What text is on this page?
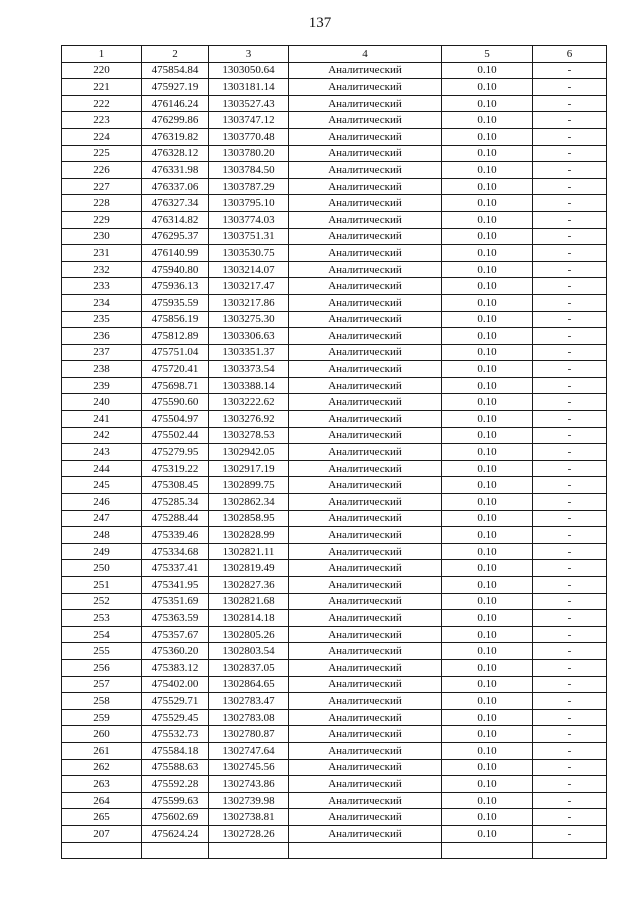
137
1	2	3	4	5	6
220	475854.84	1303050.64	Аналитический	0.10	-
221	475927.19	1303181.14	Аналитический	0.10	-
222	476146.24	1303527.43	Аналитический	0.10	-
223	476299.86	1303747.12	Аналитический	0.10	-
224	476319.82	1303770.48	Аналитический	0.10	-
225	476328.12	1303780.20	Аналитический	0.10	-
226	476331.98	1303784.50	Аналитический	0.10	-
227	476337.06	1303787.29	Аналитический	0.10	-
228	476327.34	1303795.10	Аналитический	0.10	-
229	476314.82	1303774.03	Аналитический	0.10	-
230	476295.37	1303751.31	Аналитический	0.10	-
231	476140.99	1303530.75	Аналитический	0.10	-
232	475940.80	1303214.07	Аналитический	0.10	-
233	475936.13	1303217.47	Аналитический	0.10	-
234	475935.59	1303217.86	Аналитический	0.10	-
235	475856.19	1303275.30	Аналитический	0.10	-
236	475812.89	1303306.63	Аналитический	0.10	-
237	475751.04	1303351.37	Аналитический	0.10	-
238	475720.41	1303373.54	Аналитический	0.10	-
239	475698.71	1303388.14	Аналитический	0.10	-
240	475590.60	1303222.62	Аналитический	0.10	-
241	475504.97	1303276.92	Аналитический	0.10	-
242	475502.44	1303278.53	Аналитический	0.10	-
243	475279.95	1302942.05	Аналитический	0.10	-
244	475319.22	1302917.19	Аналитический	0.10	-
245	475308.45	1302899.75	Аналитический	0.10	-
246	475285.34	1302862.34	Аналитический	0.10	-
247	475288.44	1302858.95	Аналитический	0.10	-
248	475339.46	1302828.99	Аналитический	0.10	-
249	475334.68	1302821.11	Аналитический	0.10	-
250	475337.41	1302819.49	Аналитический	0.10	-
251	475341.95	1302827.36	Аналитический	0.10	-
252	475351.69	1302821.68	Аналитический	0.10	-
253	475363.59	1302814.18	Аналитический	0.10	-
254	475357.67	1302805.26	Аналитический	0.10	-
255	475360.20	1302803.54	Аналитический	0.10	-
256	475383.12	1302837.05	Аналитический	0.10	-
257	475402.00	1302864.65	Аналитический	0.10	-
258	475529.71	1302783.47	Аналитический	0.10	-
259	475529.45	1302783.08	Аналитический	0.10	-
260	475532.73	1302780.87	Аналитический	0.10	-
261	475584.18	1302747.64	Аналитический	0.10	-
262	475588.63	1302745.56	Аналитический	0.10	-
263	475592.28	1302743.86	Аналитический	0.10	-
264	475599.63	1302739.98	Аналитический	0.10	-
265	475602.69	1302738.81	Аналитический	0.10	-
207	475624.24	1302728.26	Аналитический	0.10	-
